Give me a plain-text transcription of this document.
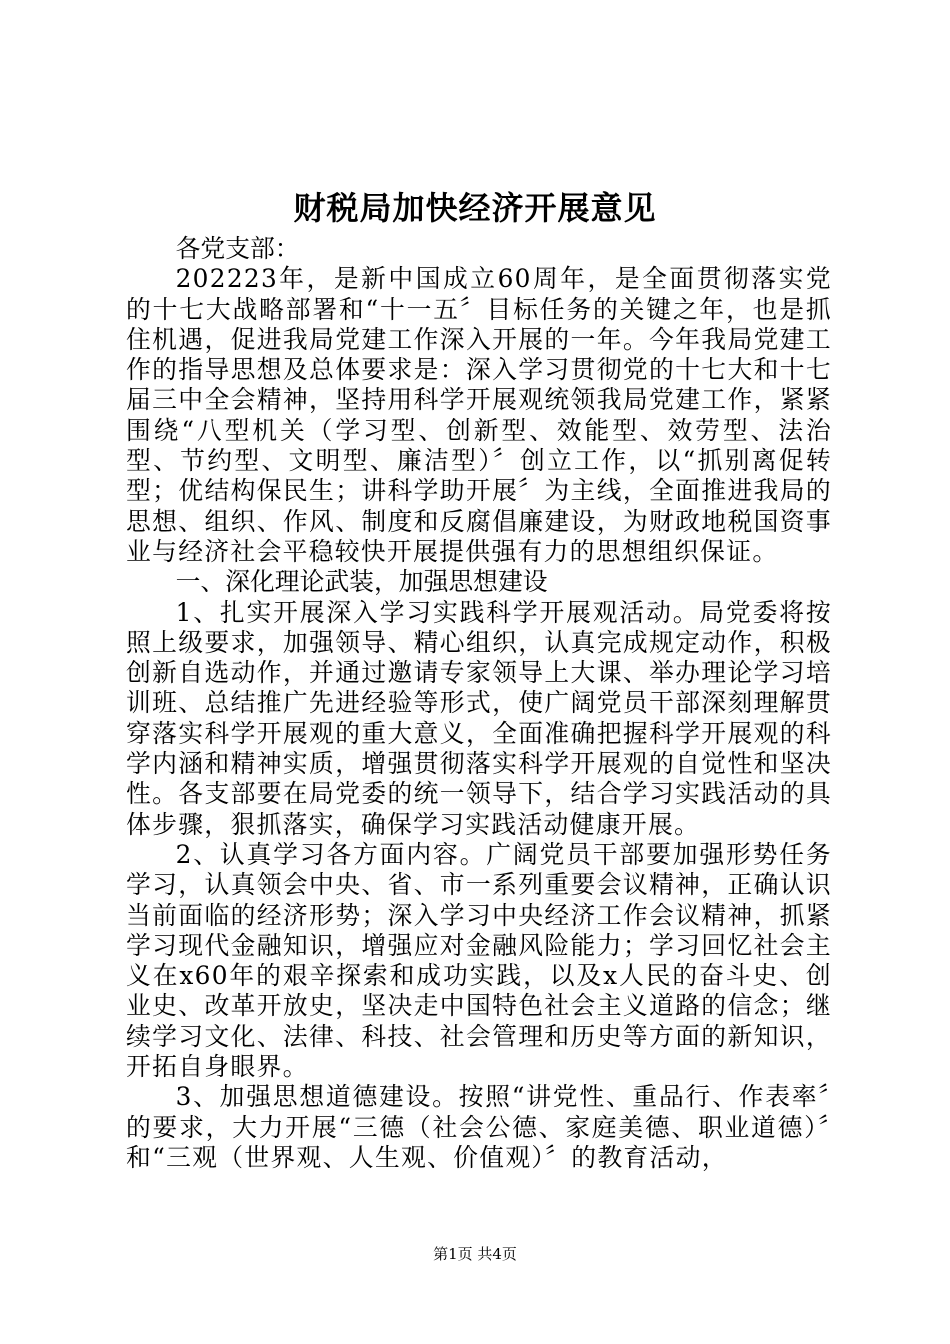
财税局加快经济开展意见

各党支部：

202223年，是新中国成立60周年，是全面贯彻落实党的十七大战略部署和“十一五〞目标任务的关键之年，也是抓住机遇，促进我局党建工作深入开展的一年。今年我局党建工作的指导思想及总体要求是：深入学习贯彻党的十七大和十七届三中全会精神，坚持用科学开展观统领我局党建工作，紧紧围绕“八型机关（学习型、创新型、效能型、效劳型、法治型、节约型、文明型、廉洁型）〞创立工作，以“抓别离促转型；优结构保民生；讲科学助开展〞为主线，全面推进我局的思想、组织、作风、制度和反腐倡廉建设，为财政地税国资事业与经济社会平稳较快开展提供强有力的思想组织保证。

一、深化理论武装，加强思想建设

1、扎实开展深入学习实践科学开展观活动。局党委将按照上级要求，加强领导、精心组织，认真完成规定动作，积极创新自选动作，并通过邀请专家领导上大课、举办理论学习培训班、总结推广先进经验等形式，使广阔党员干部深刻理解贯穿落实科学开展观的重大意义，全面准确把握科学开展观的科学内涵和精神实质，增强贯彻落实科学开展观的自觉性和坚决性。各支部要在局党委的统一领导下，结合学习实践活动的具体步骤，狠抓落实，确保学习实践活动健康开展。

2、认真学习各方面内容。广阔党员干部要加强形势任务学习，认真领会中央、省、市一系列重要会议精神，正确认识当前面临的经济形势；深入学习中央经济工作会议精神，抓紧学习现代金融知识，增强应对金融风险能力；学习回忆社会主义在x60年的艰辛探索和成功实践，以及x人民的奋斗史、创业史、改革开放史，坚决走中国特色社会主义道路的信念；继续学习文化、法律、科技、社会管理和历史等方面的新知识，开拓自身眼界。

3、加强思想道德建设。按照“讲党性、重品行、作表率〞的要求，大力开展“三德（社会公德、家庭美德、职业道德）〞和“三观（世界观、人生观、价值观）〞的教育活动，

第1页 共4页
